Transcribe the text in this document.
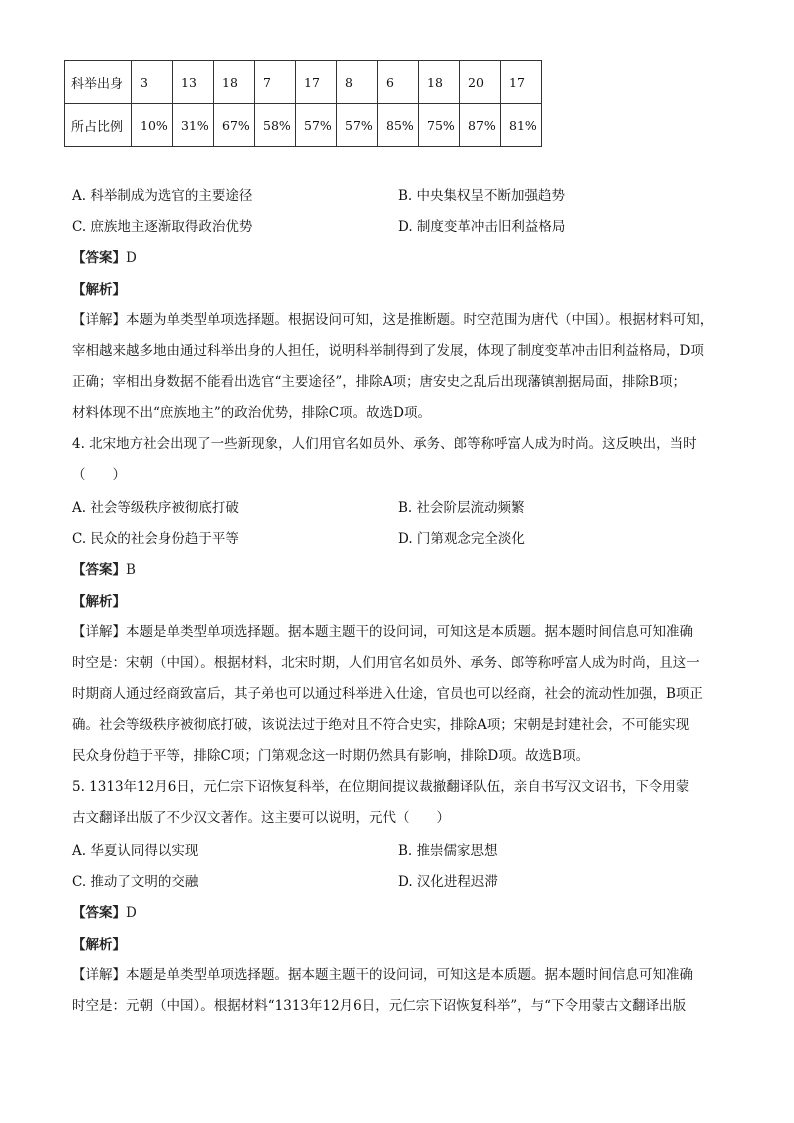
科举出身	3	13	18	7	17	8	6	18	20	17
所占比例	10%	31%	67%	58%	57%	57%	85%	75%	87%	81%
A. 科举制成为选官的主要途径	B. 中央集权呈不断加强趋势
C. 庶族地主逐渐取得政治优势	D. 制度变革冲击旧利益格局
【答案】D
【解析】
【详解】本题为单类型单项选择题。根据设问可知，这是推断题。时空范围为唐代（中国）。根据材料可知，
宰相越来越多地由通过科举出身的人担任，说明科举制得到了发展，体现了制度变革冲击旧利益格局，D项
正确；宰相出身数据不能看出选官“主要途径”，排除A项；唐安史之乱后出现藩镇割据局面，排除B项；
材料体现不出“庶族地主”的政治优势，排除C项。故选D项。
4. 北宋地方社会出现了一些新现象，人们用官名如员外、承务、郎等称呼富人成为时尚。这反映出，当时
（　　）
A. 社会等级秩序被彻底打破	B. 社会阶层流动频繁
C. 民众的社会身份趋于平等	D. 门第观念完全淡化
【答案】B
【解析】
【详解】本题是单类型单项选择题。据本题主题干的设问词，可知这是本质题。据本题时间信息可知准确
时空是：宋朝（中国）。根据材料，北宋时期，人们用官名如员外、承务、郎等称呼富人成为时尚，且这一
时期商人通过经商致富后，其子弟也可以通过科举进入仕途，官员也可以经商，社会的流动性加强，B项正
确。社会等级秩序被彻底打破，该说法过于绝对且不符合史实，排除A项；宋朝是封建社会，不可能实现
民众身份趋于平等，排除C项；门第观念这一时期仍然具有影响，排除D项。故选B项。
5. 1313年12月6日，元仁宗下诏恢复科举，在位期间提议裁撤翻译队伍，亲自书写汉文诏书，下令用蒙
古文翻译出版了不少汉文著作。这主要可以说明，元代（　　）
A. 华夏认同得以实现	B. 推崇儒家思想
C. 推动了文明的交融	D. 汉化进程迟滞
【答案】D
【解析】
【详解】本题是单类型单项选择题。据本题主题干的设问词，可知这是本质题。据本题时间信息可知准确
时空是：元朝（中国）。根据材料“1313年12月6日，元仁宗下诏恢复科举”，与“下令用蒙古文翻译出版
